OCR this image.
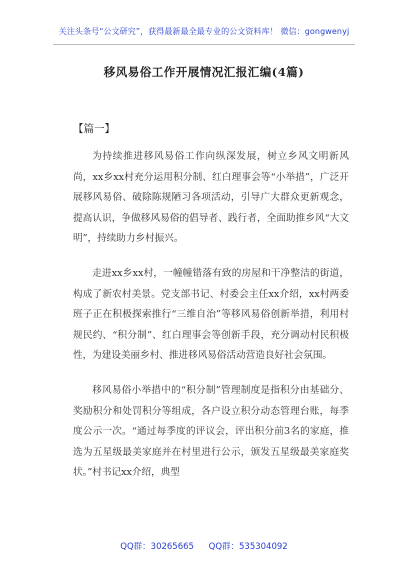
关注头条号“公文研究”，获得最新最全最专业的公文资料库！ 微信：gongwenyj
移风易俗工作开展情况汇报汇编(4篇)
【篇一】

为持续推进移风易俗工作向纵深发展，树立乡风文明新风尚，xx乡xx村充分运用积分制、红白理事会等“小举措”，广泛开展移风易俗、破除陈规陋习各项活动，引导广大群众更新观念，提高认识，争做移风易俗的倡导者、践行者，全面助推乡风“大文明”，持续助力乡村振兴。

走进xx乡xx村，一幢幢错落有致的房屋和干净整洁的街道，构成了新农村美景。党支部书记、村委会主任xx介绍，xx村两委班子正在积极探索推行“三维自治”等移风易俗创新举措，利用村规民约、“积分制”、红白理事会等创新手段，充分调动村民积极性，为建设美丽乡村、推进移风易俗活动营造良好社会氛围。

移风易俗小举措中的“积分制”管理制度是指积分由基础分、奖励积分和处罚积分等组成，各户设立积分动态管理台账，每季度公示一次。“通过每季度的评议会，评出积分前3名的家庭，推选为五星级最美家庭并在村里进行公示，颁发五星级最美家庭奖状。”村书记xx介绍，典型

QQ群：30265665 QQ群：535304092
